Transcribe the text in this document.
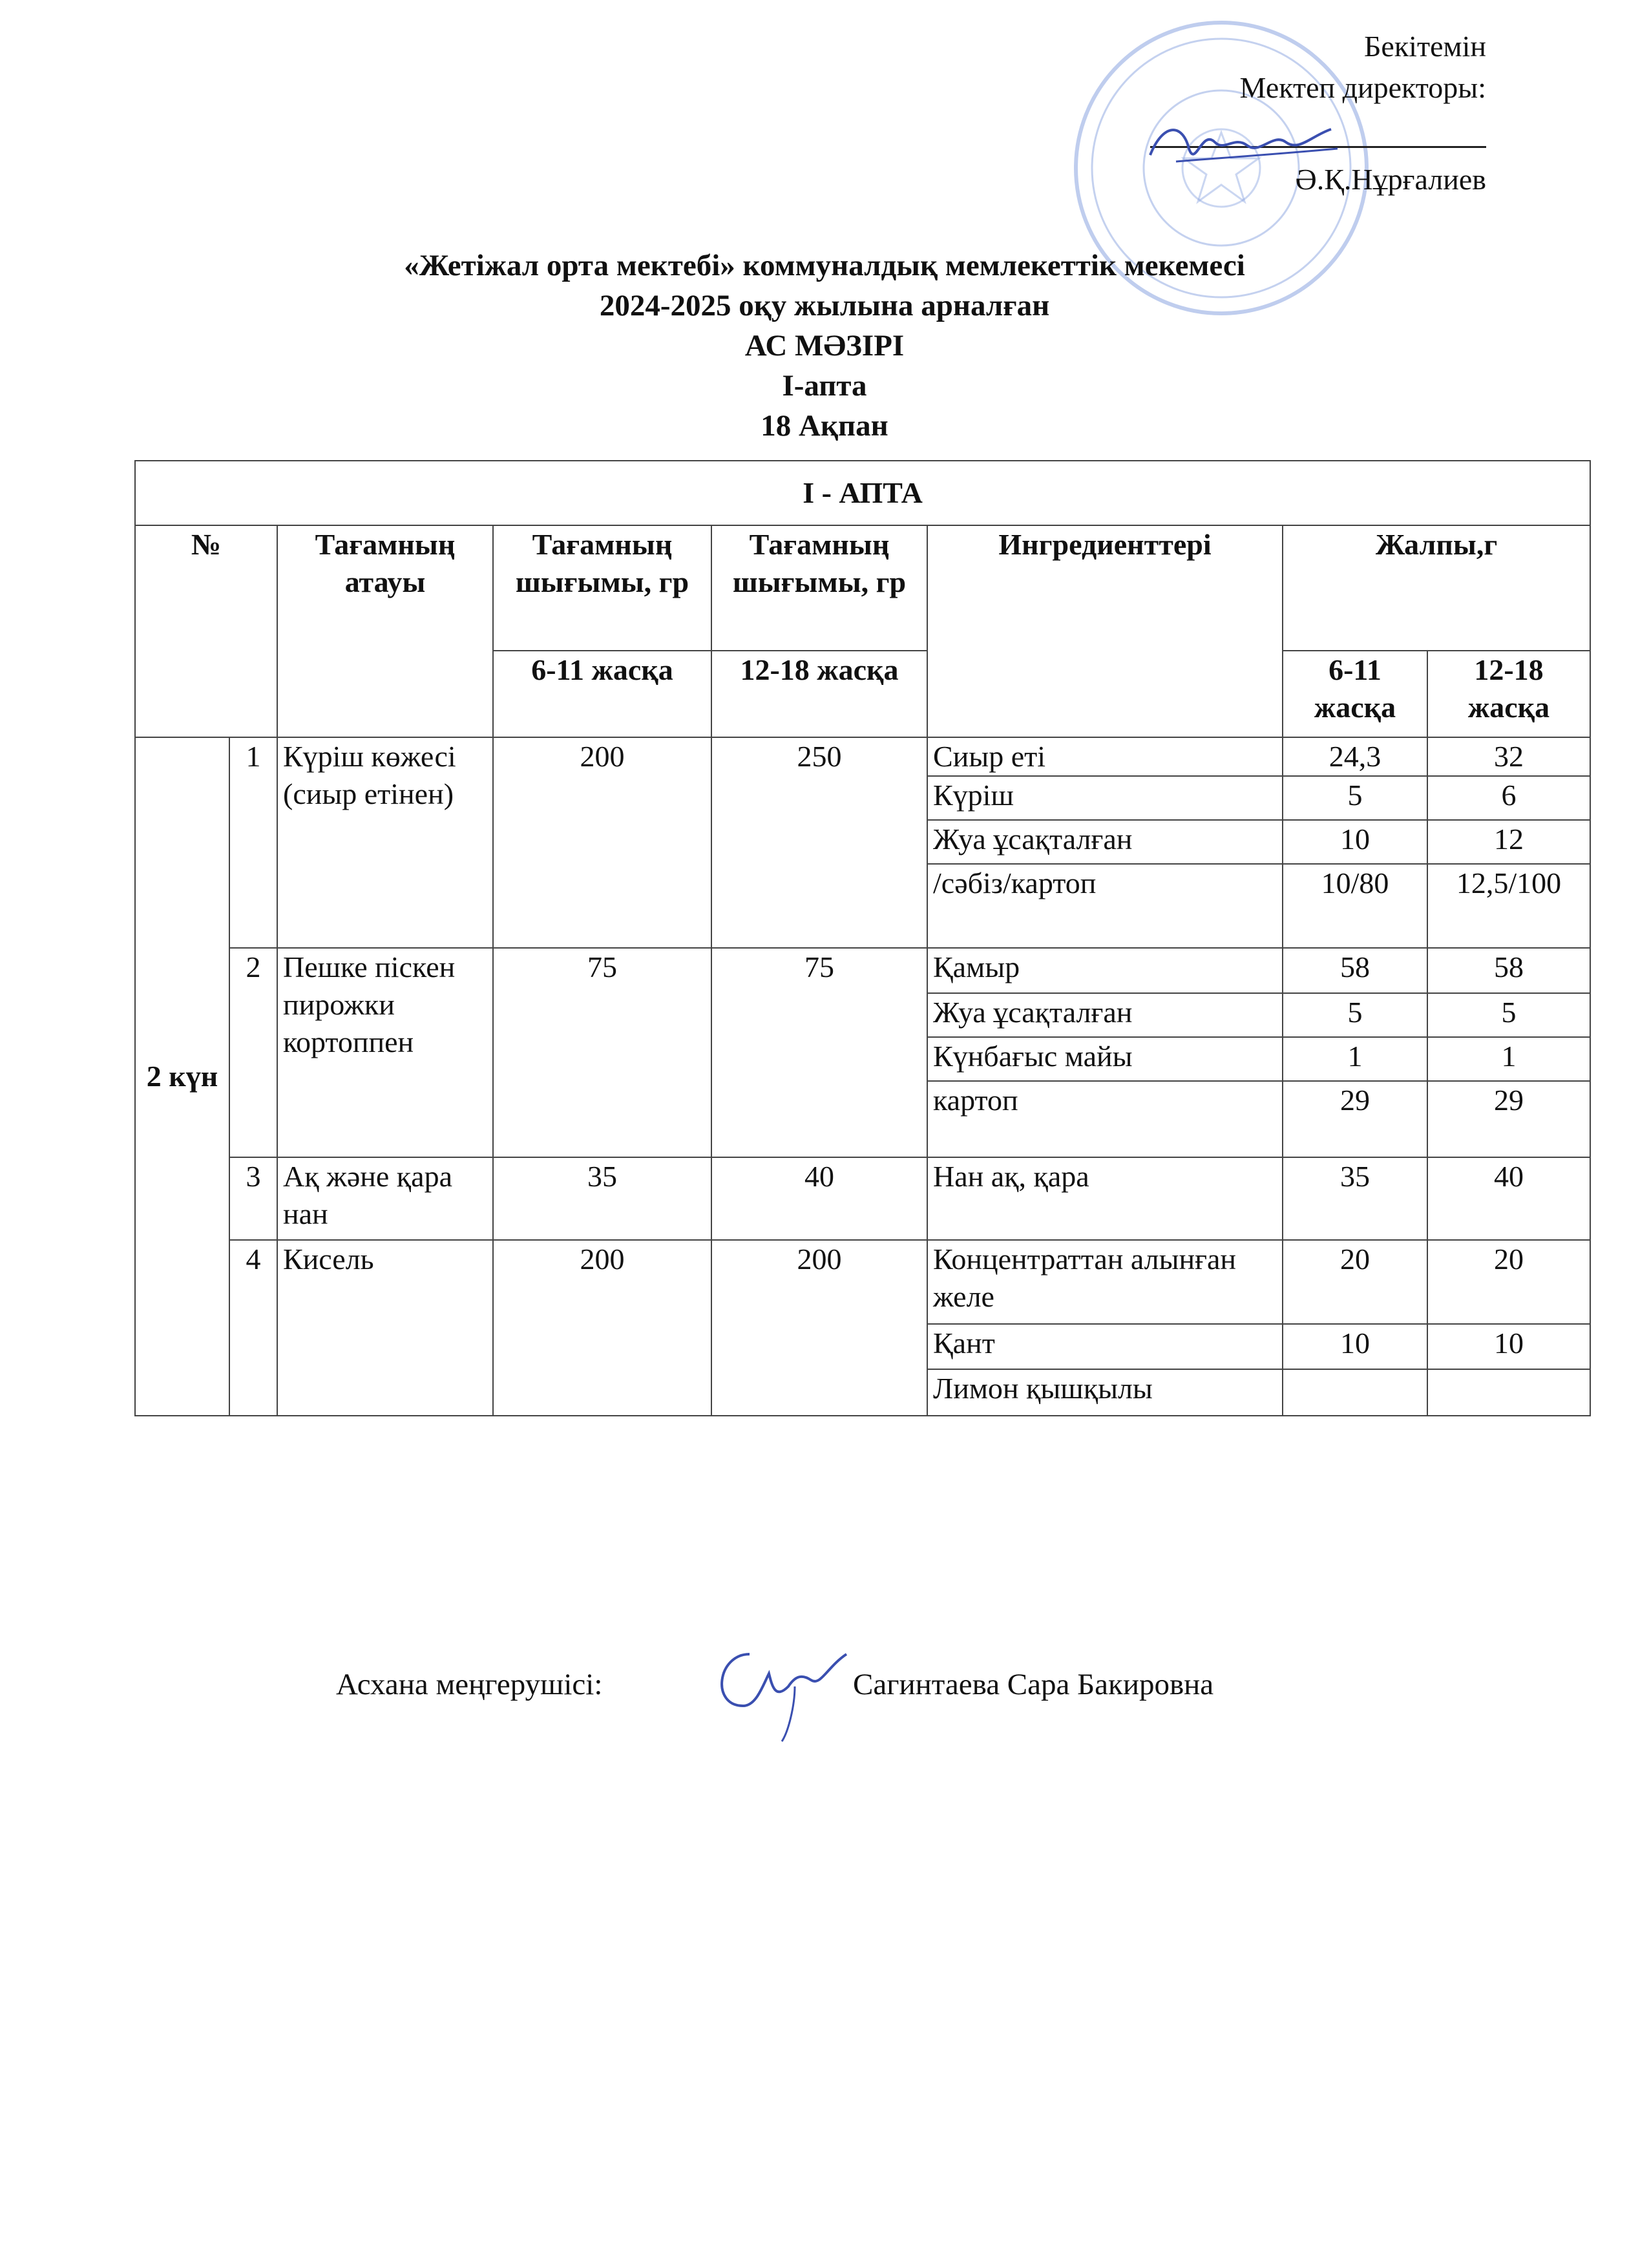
Бекітемін
Мектеп директоры:
Ә.Қ.Нұрғалиев
«Жетіжал орта мектебі» коммуналдық мемлекеттік мекемесі
2024-2025 оқу жылына арналған
АС МӘЗІРІ
І-апта
18 Ақпан
І - АПТА							
№		Тағамның атауы	Тағамның шығымы, гр	Тағамның шығымы, гр	Ингредиенттері	Жалпы,г	
			6-11 жасқа	12-18 жасқа		6-11 жасқа	12-18 жасқа
2 күн	1	Күріш көжесі (сиыр етінен)	200	250	Сиыр еті	24,3	32
					Күріш	5	6
					Жуа ұсақталған	10	12
					/сәбіз/картоп	10/80	12,5/100
	2	Пешке піскен пирожки кортоппен	75	75	Қамыр	58	58
					Жуа ұсақталған	5	5
					Күнбағыс майы	1	1
					картоп	29	29
	3	Ақ және қара нан	35	40	Нан ақ, қара	35	40
	4	Кисель	200	200	Концентраттан алынған желе	20	20
					Қант	10	10
					Лимон қышқылы		
Асхана меңгерушісі:	Сагинтаева Сара Бакировна
